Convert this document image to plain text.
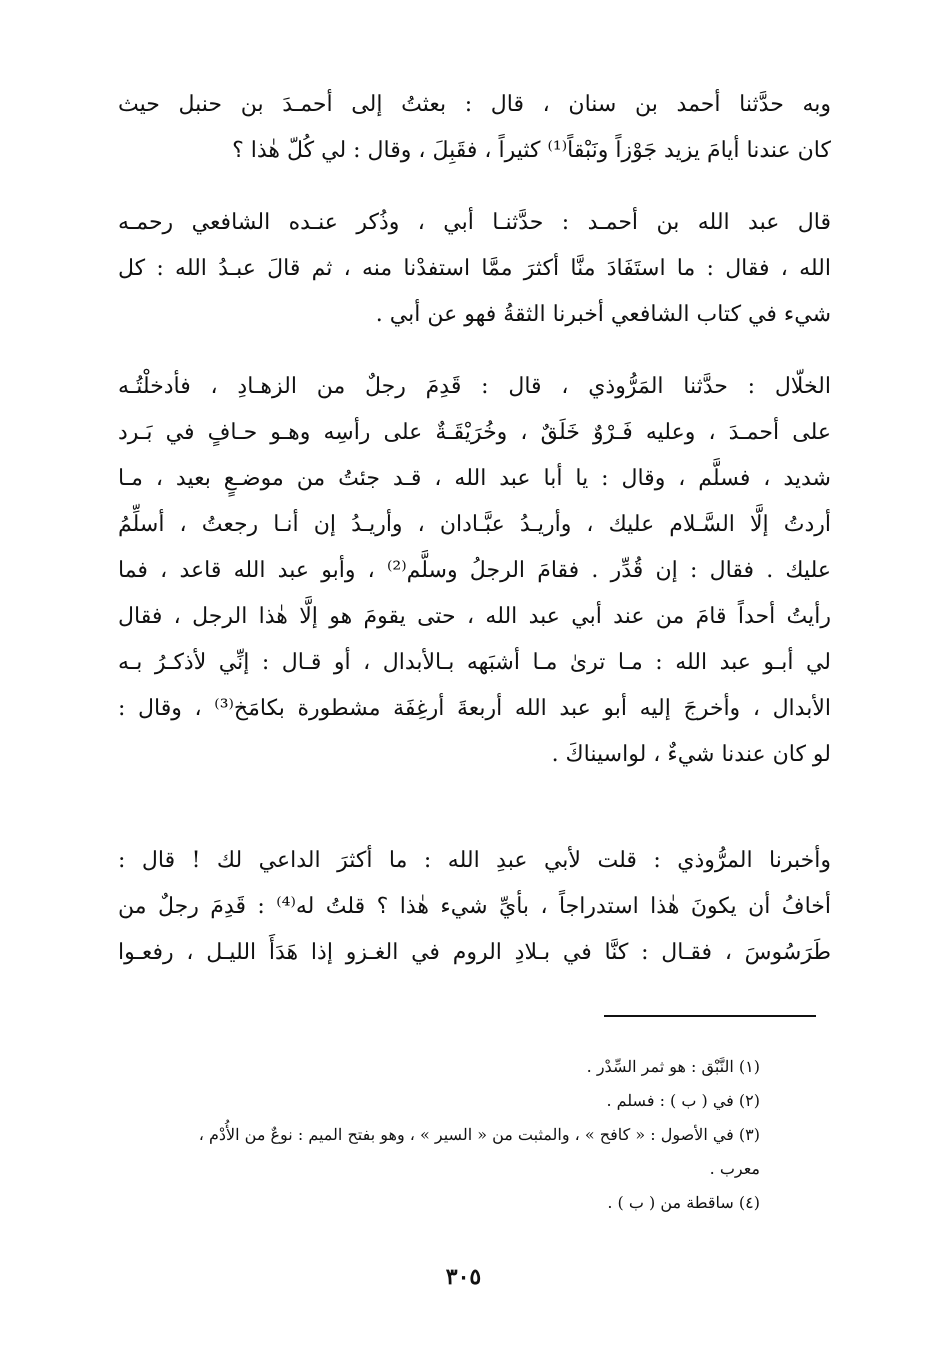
وبه حدَّثنا أحمد بن سنان ، قال : بعثتُ إلى أحمـدَ بن حنبل حيث
كان عندنا أيامَ يزيد جَوْزاً ونَبْقاً⁽¹⁾ كثيراً ، فقَبِلَ ، وقال : لي كُلّ هٰذا ؟
قال عبد الله بن أحمـد : حدَّثنـا أبي ، وذُكر عنـده الشافعي رحمـه
الله ، فقال : ما استَفَادَ منَّا أكثرَ ممَّا استفدْنا منه ، ثم قالَ عبـدُ الله : كل
شيء في كتاب الشافعي أخبرنا الثقةُ فهو عن أبي .
الخلّال : حدَّثنا المَرُّوذي ، قال : قَدِمَ رجلٌ من الزهـادِ ، فأدخلْتُـه
على أحمـدَ ، وعليه فَـرْوٌ خَلَقٌ ، وخُرَيْقَـةٌ على رأسِه وهـو حـافٍ في بَـرد
شديد ، فسلَّم ، وقال : يا أبا عبد الله ، قـد جئتُ من موضـعٍ بعيد ، مـا
أردتُ إلَّا السَّـلام عليك ، وأريـدُ عبَّـادان ، وأريـدُ إن أنـا رجعتُ ، أسلِّمُ
عليك . فقال : إن قُدِّر . فقامَ الرجلُ وسلَّم⁽²⁾ ، وأبو عبد الله قاعد ، فما
رأيتُ أحداً قامَ من عند أبي عبد الله ، حتى يقومَ هو إلَّا هٰذا الرجل ، فقال
لي أبـو عبد الله : مـا ترىٰ مـا أشبَهه بـالأبدال ، أو قـال : إنِّي لأذكـرُ بـه
الأبدال ، وأخرجَ إليه أبو عبد الله أربعةَ أرغِفَة مشطورة بكامَخ⁽³⁾ ، وقال :
لو كان عندنا شيءٌ ، لواسيناكَ .
وأخبرنا المرُّوذي : قلت لأبي عبدِ الله : ما أكثرَ الداعي لك ! قال :
أخافُ أن يكونَ هٰذا استدراجاً ، بأيِّ شيء هٰذا ؟ قلتُ له⁽⁴⁾ : قَدِمَ رجلٌ من
طَرَسُوسَ ، فقـال : كنَّا في بـلادِ الروم في الغـزو إذا هَدَأَ الليـل ، رفعـوا
(١) النَّبْق : هو ثمر السِّدْر .
(٢) في ( ب ) : فسلم .
(٣) في الأصول : « كافح » ، والمثبت من « السير » ، وهو بفتح الميم : نوعٌ من الأُدْم ،
معرب .
(٤) ساقطة من ( ب ) .
٣٠٥
